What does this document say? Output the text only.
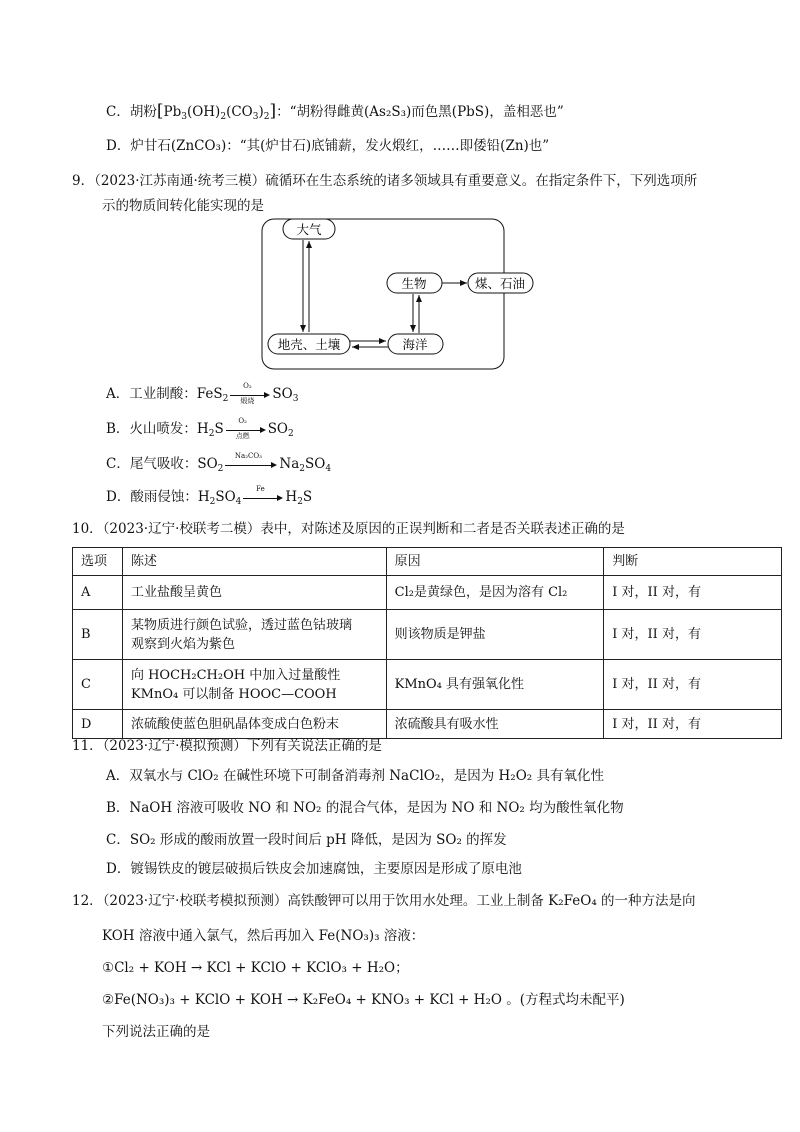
C．胡粉$[Pb_3(OH)_2(CO_3)_2]$：“胡粉得雌黄(As₂S₃)而色黑(PbS)，盖相恶也”
D．炉甘石(ZnCO₃)：“其(炉甘石)底铺薪，发火煅红，……即倭铅(Zn)也”
9．（2023·江苏南通·统考三模）硫循环在生态系统的诸多领域具有重要意义。在指定条件下，下列选项所
示的物质间转化能实现的是
大气
生物	煤、石油
地壳、土壤	海洋
A．工业制酸：FeS$_2$
O₂
煅烧	$SO_3$
B．火山喷发：$H_2S$	O₂
点燃	$SO_2$
C．尾气吸收：$SO_2$
Na₂CO₃	$Na_2SO_4$
D．酸雨侵蚀：$H_2SO_4$
Fe	$H_2S$
10．（2023·辽宁·校联考二模）表中，对陈述及原因的正误判断和二者是否关联表述正确的是
选项	陈述	原因	判断
A	工业盐酸呈黄色	Cl₂是黄绿色，是因为溶有 Cl₂	I 对，II 对，有
B	某物质进行颜色试验，透过蓝色钴玻璃
观察到火焰为紫色	则该物质是钾盐	I 对，II 对，有
C	向 HOCH₂CH₂OH 中加入过量酸性
KMnO₄ 可以制备 HOOC—COOH	KMnO₄ 具有强氧化性	I 对，II 对，有
D	浓硫酸使蓝色胆矾晶体变成白色粉末	浓硫酸具有吸水性	I 对，II 对，有
11．（2023·辽宁·模拟预测）下列有关说法正确的是
A．双氧水与 ClO₂ 在碱性环境下可制备消毒剂 NaClO₂，是因为 H₂O₂ 具有氧化性
B．NaOH 溶液可吸收 NO 和 NO₂ 的混合气体，是因为 NO 和 NO₂ 均为酸性氧化物
C．SO₂ 形成的酸雨放置一段时间后 pH 降低，是因为 SO₂ 的挥发
D．镀锡铁皮的镀层破损后铁皮会加速腐蚀，主要原因是形成了原电池
12．（2023·辽宁·校联考模拟预测）高铁酸钾可以用于饮用水处理。工业上制备 K₂FeO₄ 的一种方法是向
KOH 溶液中通入氯气，然后再加入 Fe(NO₃)₃ 溶液：
①Cl₂ + KOH → KCl + KClO + KClO₃ + H₂O；
②Fe(NO₃)₃ + KClO + KOH → K₂FeO₄ + KNO₃ + KCl + H₂O 。(方程式均未配平)
下列说法正确的是
